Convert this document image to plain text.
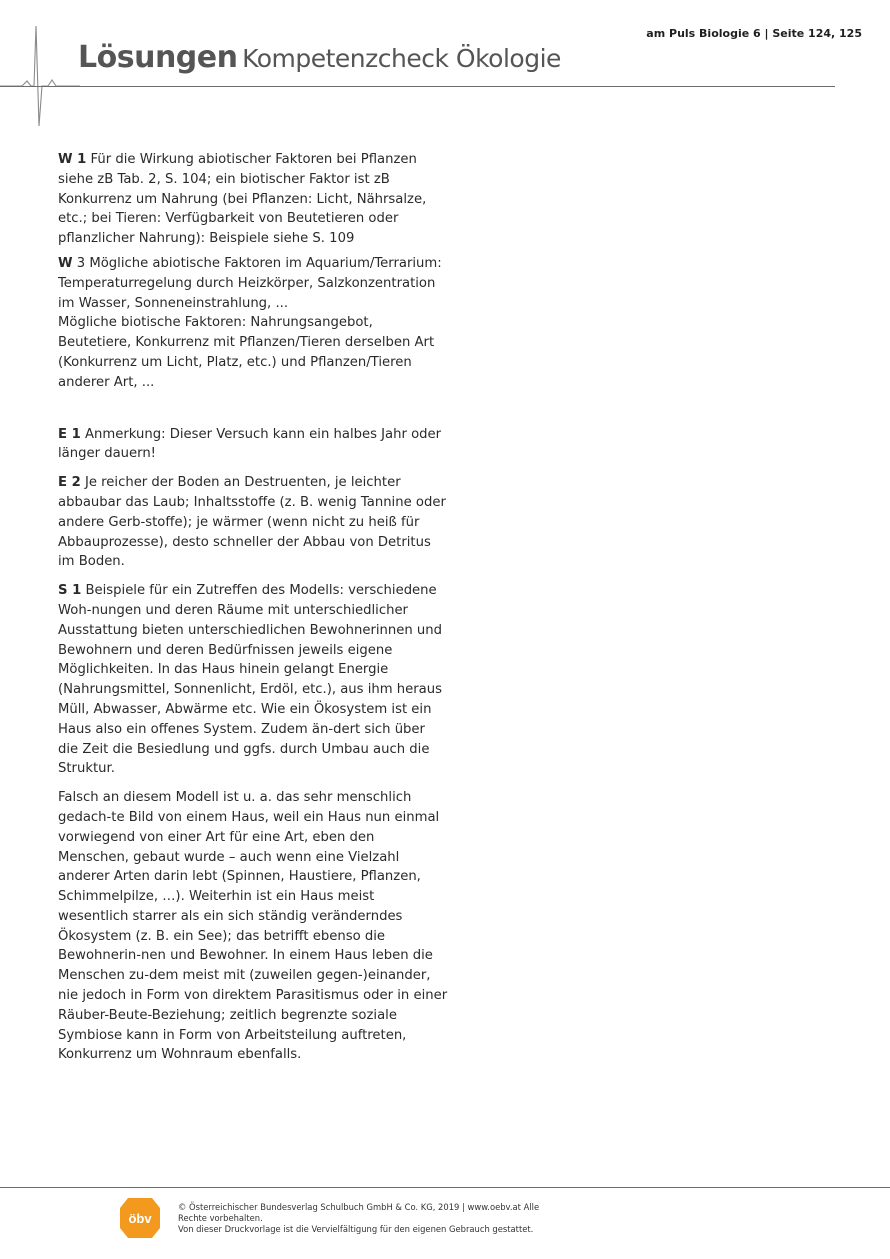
Lösungen Kompetenzcheck Ökologie
am Puls Biologie 6 | Seite 124, 125

W 1 Für die Wirkung abiotischer Faktoren bei Pflanzen siehe zB Tab. 2, S. 104; ein biotischer Faktor ist zB Konkurrenz um Nahrung (bei Pflanzen: Licht, Nährsalze, etc.; bei Tieren: Verfügbarkeit von Beutetieren oder pflanzlicher Nahrung): Beispiele siehe S. 109

W 3 Mögliche abiotische Faktoren im Aquarium/Terrarium: Temperaturregelung durch Heizkörper, Salzkonzentration im Wasser, Sonneneinstrahlung, ...

Mögliche biotische Faktoren: Nahrungsangebot, Beutetiere, Konkurrenz mit Pflanzen/Tieren derselben Art (Konkurrenz um Licht, Platz, etc.) und Pflanzen/Tieren anderer Art, ...

E 1 Anmerkung: Dieser Versuch kann ein halbes Jahr oder länger dauern!

E 2 Je reicher der Boden an Destruenten, je leichter abbaubar das Laub; Inhaltsstoffe (z. B. wenig Tannine oder andere Gerb-stoffe); je wärmer (wenn nicht zu heiß für Abbauprozesse), desto schneller der Abbau von Detritus im Boden.

S 1 Beispiele für ein Zutreffen des Modells: verschiedene Woh-nungen und deren Räume mit unterschiedlicher Ausstattung bieten unterschiedlichen Bewohnerinnen und Bewohnern und deren Bedürfnissen jeweils eigene Möglichkeiten. In das Haus hinein gelangt Energie (Nahrungsmittel, Sonnenlicht, Erdöl, etc.), aus ihm heraus Müll, Abwasser, Abwärme etc. Wie ein Ökosystem ist ein Haus also ein offenes System. Zudem än-dert sich über die Zeit die Besiedlung und ggfs. durch Umbau auch die Struktur.

Falsch an diesem Modell ist u. a. das sehr menschlich gedach-te Bild von einem Haus, weil ein Haus nun einmal vorwiegend von einer Art für eine Art, eben den Menschen, gebaut wurde – auch wenn eine Vielzahl anderer Arten darin lebt (Spinnen, Haustiere, Pflanzen, Schimmelpilze, …). Weiterhin ist ein Haus meist wesentlich starrer als ein sich ständig veränderndes Ökosystem (z. B. ein See); das betrifft ebenso die Bewohnerin-nen und Bewohner. In einem Haus leben die Menschen zu-dem meist mit (zuweilen gegen-)einander, nie jedoch in Form von direktem Parasitismus oder in einer Räuber-Beute-Beziehung; zeitlich begrenzte soziale Symbiose kann in Form von Arbeitsteilung auftreten, Konkurrenz um Wohnraum ebenfalls.

öbv
© Österreichischer Bundesverlag Schulbuch GmbH & Co. KG, 2019 | www.oebv.at Alle
Rechte vorbehalten.
Von dieser Druckvorlage ist die Vervielfältigung für den eigenen Gebrauch gestattet.
